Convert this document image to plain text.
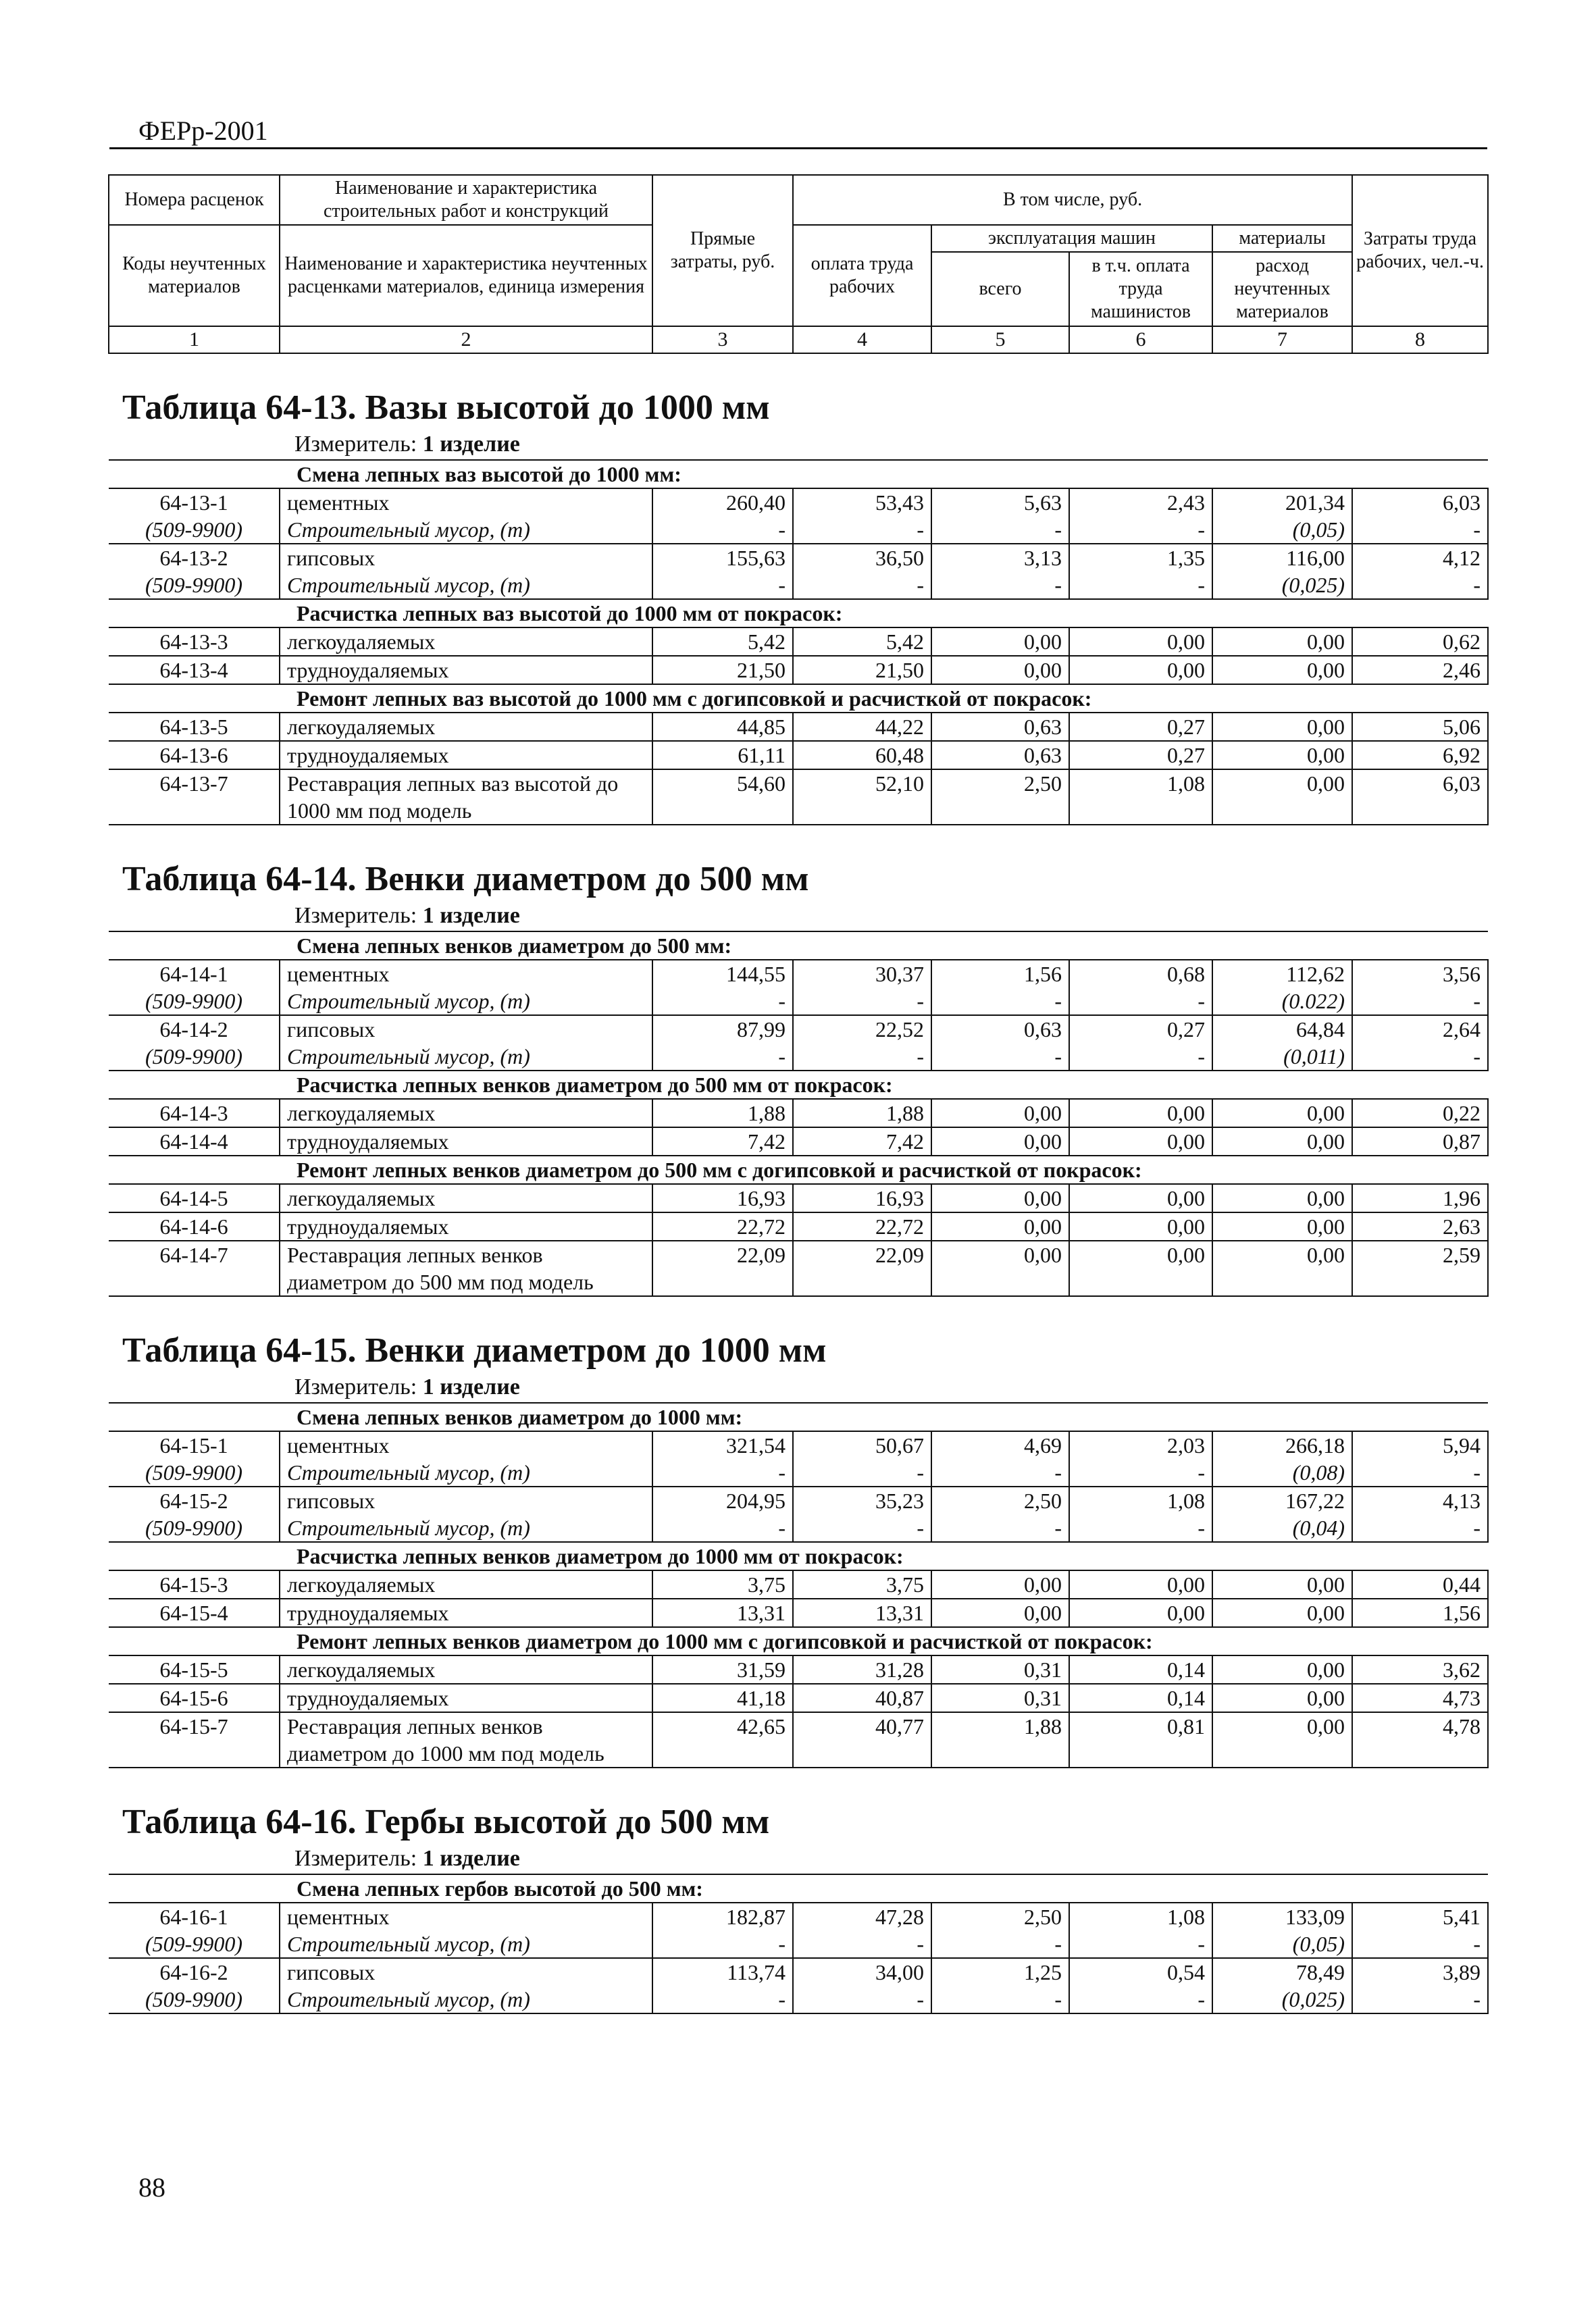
ФЕРр-2001
Номера расценок	Наименование и характеристика строительных работ и конструкций	Прямые затраты, руб.	В том числе, руб.				Затраты труда рабочих, чел.-ч.
Коды неучтенных материалов	Наименование и характеристика неучтенных расценками материалов, единица измерения		оплата труда рабочих	эксплуатация машин		материалы	
				всего	в т.ч. оплата труда машинистов	расход неучтенных материалов	
1	2	3	4	5	6	7	8
Таблица 64-13. Вазы высотой до 1000 мм							
Измеритель: 1 изделие							
Смена лепных ваз высотой до 1000 мм:							
64-13-1	цементных	260,40	53,43	5,63	2,43	201,34	6,03
(509-9900)	Строительный мусор, (т)	-	-	-	-	(0,05)	-
64-13-2	гипсовых	155,63	36,50	3,13	1,35	116,00	4,12
(509-9900)	Строительный мусор, (т)	-	-	-	-	(0,025)	-
Расчистка лепных ваз высотой до 1000 мм от покрасок:							
64-13-3	легкоудаляемых	5,42	5,42	0,00	0,00	0,00	0,62
64-13-4	трудноудаляемых	21,50	21,50	0,00	0,00	0,00	2,46
Ремонт лепных ваз высотой до 1000 мм с догипсовкой и расчисткой от покрасок:							
64-13-5	легкоудаляемых	44,85	44,22	0,63	0,27	0,00	5,06
64-13-6	трудноудаляемых	61,11	60,48	0,63	0,27	0,00	6,92
64-13-7	Реставрация лепных ваз высотой до 1000 мм под модель	54,60	52,10	2,50	1,08	0,00	6,03
Таблица 64-14. Венки диаметром до 500 мм							
Измеритель: 1 изделие							
Смена лепных венков диаметром до 500 мм:							
64-14-1	цементных	144,55	30,37	1,56	0,68	112,62	3,56
(509-9900)	Строительный мусор, (т)	-	-	-	-	(0.022)	-
64-14-2	гипсовых	87,99	22,52	0,63	0,27	64,84	2,64
(509-9900)	Строительный мусор, (т)	-	-	-	-	(0,011)	-
Расчистка лепных венков диаметром до 500 мм от покрасок:							
64-14-3	легкоудаляемых	1,88	1,88	0,00	0,00	0,00	0,22
64-14-4	трудноудаляемых	7,42	7,42	0,00	0,00	0,00	0,87
Ремонт лепных венков диаметром до 500 мм с догипсовкой и расчисткой от покрасок:							
64-14-5	легкоудаляемых	16,93	16,93	0,00	0,00	0,00	1,96
64-14-6	трудноудаляемых	22,72	22,72	0,00	0,00	0,00	2,63
64-14-7	Реставрация лепных венков диаметром до 500 мм под модель	22,09	22,09	0,00	0,00	0,00	2,59
Таблица 64-15. Венки диаметром до 1000 мм							
Измеритель: 1 изделие							
Смена лепных венков диаметром до 1000 мм:							
64-15-1	цементных	321,54	50,67	4,69	2,03	266,18	5,94
(509-9900)	Строительный мусор, (т)	-	-	-	-	(0,08)	-
64-15-2	гипсовых	204,95	35,23	2,50	1,08	167,22	4,13
(509-9900)	Строительный мусор, (т)	-	-	-	-	(0,04)	-
Расчистка лепных венков диаметром до 1000 мм от покрасок:							
64-15-3	легкоудаляемых	3,75	3,75	0,00	0,00	0,00	0,44
64-15-4	трудноудаляемых	13,31	13,31	0,00	0,00	0,00	1,56
Ремонт лепных венков диаметром до 1000 мм с догипсовкой и расчисткой от покрасок:							
64-15-5	легкоудаляемых	31,59	31,28	0,31	0,14	0,00	3,62
64-15-6	трудноудаляемых	41,18	40,87	0,31	0,14	0,00	4,73
64-15-7	Реставрация лепных венков диаметром до 1000 мм под модель	42,65	40,77	1,88	0,81	0,00	4,78
Таблица 64-16. Гербы высотой до 500 мм							
Измеритель: 1 изделие							
Смена лепных гербов высотой до 500 мм:							
64-16-1	цементных	182,87	47,28	2,50	1,08	133,09	5,41
(509-9900)	Строительный мусор, (т)	-	-	-	-	(0,05)	-
64-16-2	гипсовых	113,74	34,00	1,25	0,54	78,49	3,89
(509-9900)	Строительный мусор, (т)	-	-	-	-	(0,025)	-
88
